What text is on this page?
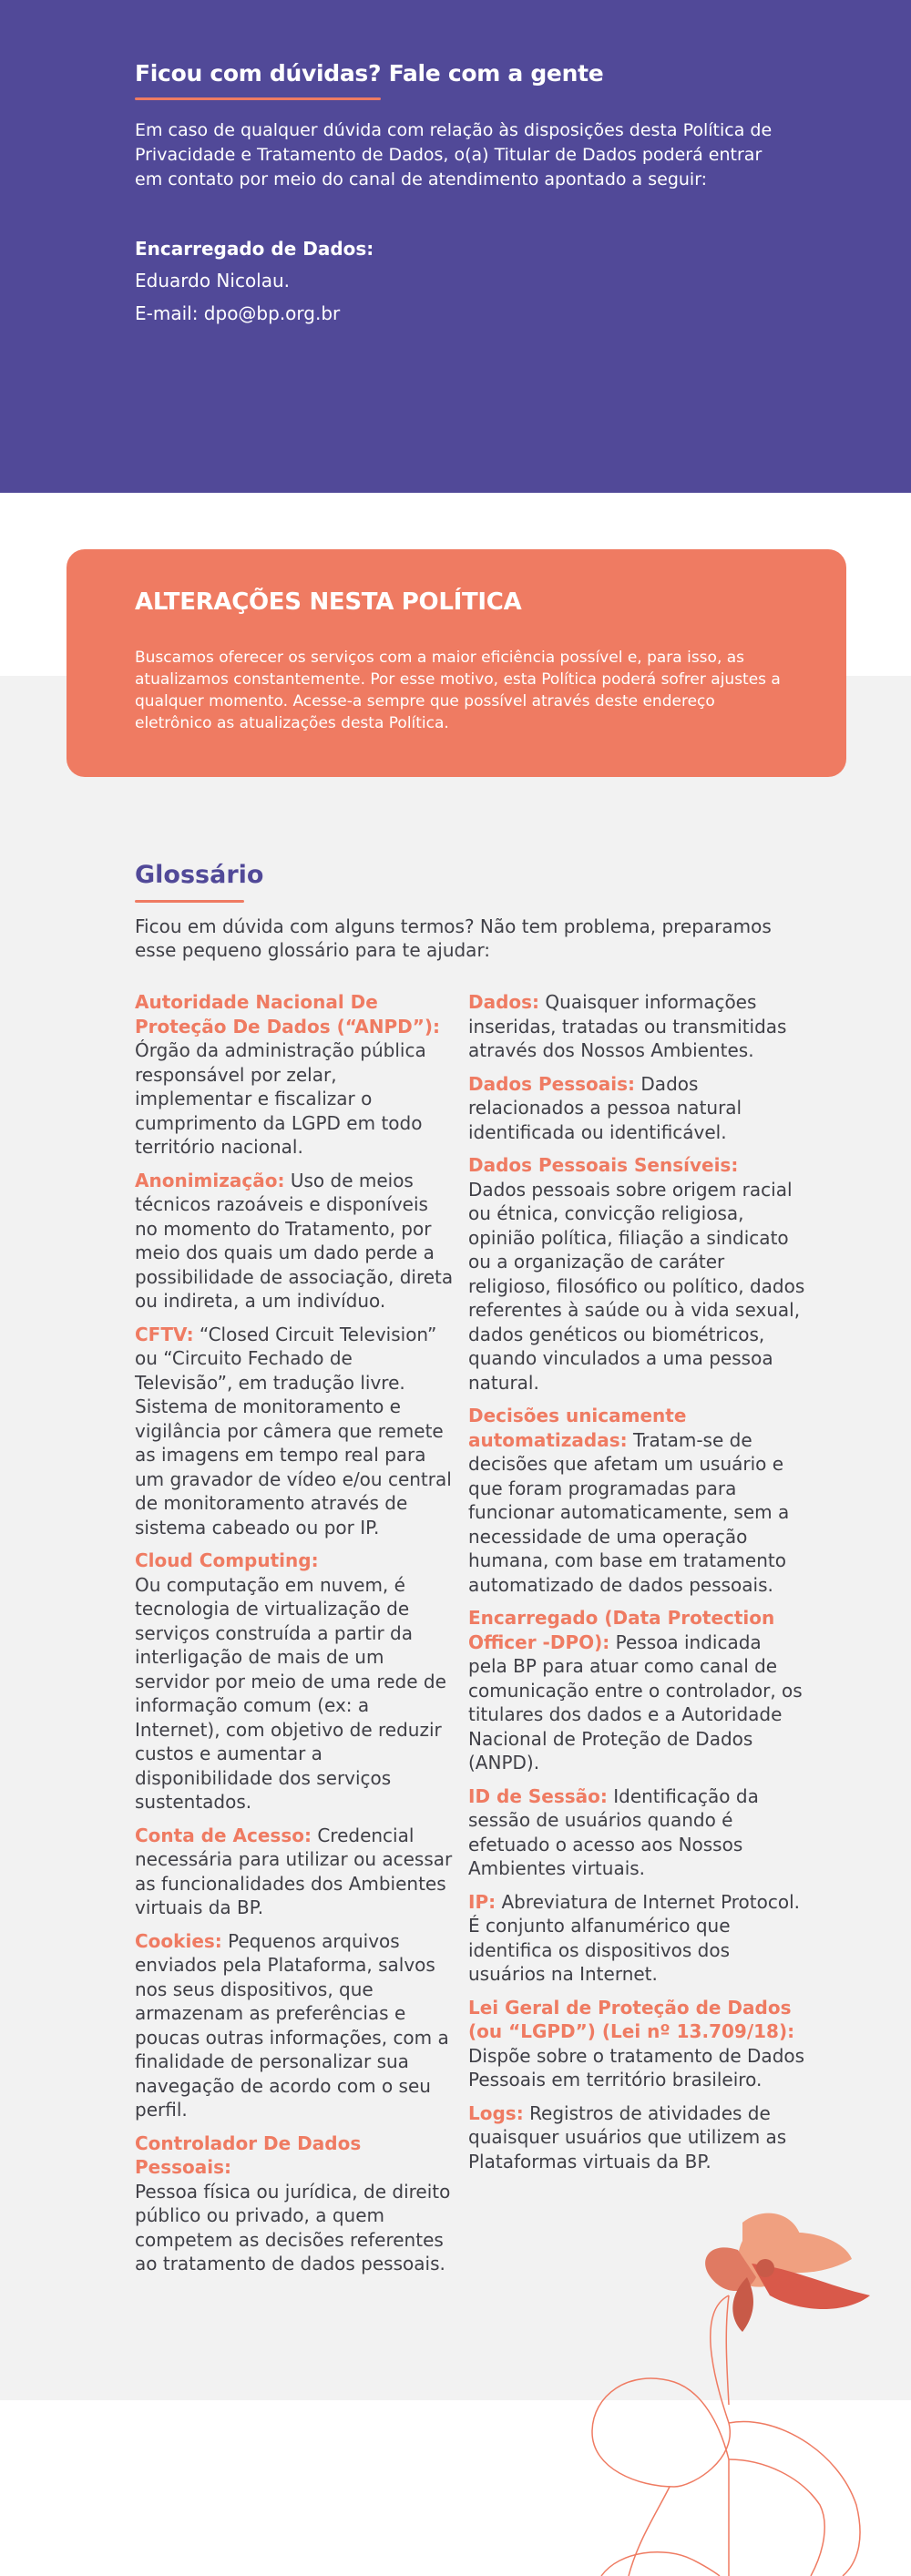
Ficou com dúvidas? Fale com a gente

Em caso de qualquer dúvida com relação às disposições desta Política de Privacidade e Tratamento de Dados, o(a) Titular de Dados poderá entrar em contato por meio do canal de atendimento apontado a seguir:

Encarregado de Dados:

Eduardo Nicolau.

E-mail: dpo@bp.org.br

ALTERAÇÕES NESTA POLÍTICA

Buscamos oferecer os serviços com a maior eficiência possível e, para isso, as atualizamos constantemente. Por esse motivo, esta Política poderá sofrer ajustes a qualquer momento. Acesse-a sempre que possível através deste endereço eletrônico as atualizações desta Política.

Glossário

Ficou em dúvida com alguns termos? Não tem problema, preparamos esse pequeno glossário para te ajudar:

Autoridade Nacional De Proteção De Dados (“ANPD”):
Órgão da administração pública responsável por zelar, implementar e fiscalizar o cumprimento da LGPD em todo território nacional.

Anonimização: Uso de meios técnicos razoáveis e disponíveis no momento do Tratamento, por meio dos quais um dado perde a possibilidade de associação, direta ou indireta, a um indivíduo.

CFTV: “Closed Circuit Television” ou “Circuito Fechado de Televisão”, em tradução livre. Sistema de monitoramento e vigilância por câmera que remete as imagens em tempo real para um gravador de vídeo e/ou central de monitoramento através de sistema cabeado ou por IP.

Cloud Computing:
Ou computação em nuvem, é tecnologia de virtualização de serviços construída a partir da interligação de mais de um servidor por meio de uma rede de informação comum (ex: a Internet), com objetivo de reduzir custos e aumentar a disponibilidade dos serviços sustentados.

Conta de Acesso: Credencial necessária para utilizar ou acessar as funcionalidades dos Ambientes virtuais da BP.

Cookies: Pequenos arquivos enviados pela Plataforma, salvos nos seus dispositivos, que armazenam as preferências e poucas outras informações, com a finalidade de personalizar sua navegação de acordo com o seu perfil.

Controlador De Dados Pessoais:
Pessoa física ou jurídica, de direito público ou privado, a quem competem as decisões referentes ao tratamento de dados pessoais.

Dados: Quaisquer informações inseridas, tratadas ou transmitidas através dos Nossos Ambientes.

Dados Pessoais: Dados relacionados a pessoa natural identificada ou identificável.

Dados Pessoais Sensíveis:
Dados pessoais sobre origem racial ou étnica, convicção religiosa, opinião política, filiação a sindicato ou a organização de caráter religioso, filosófico ou político, dados referentes à saúde ou à vida sexual, dados genéticos ou biométricos, quando vinculados a uma pessoa natural.

Decisões unicamente automatizadas: Tratam-se de decisões que afetam um usuário e que foram programadas para funcionar automaticamente, sem a necessidade de uma operação humana, com base em tratamento automatizado de dados pessoais.

Encarregado (Data Protection Officer -DPO): Pessoa indicada pela BP para atuar como canal de comunicação entre o controlador, os titulares dos dados e a Autoridade Nacional de Proteção de Dados (ANPD).

ID de Sessão: Identificação da sessão de usuários quando é efetuado o acesso aos Nossos Ambientes virtuais.

IP: Abreviatura de Internet Protocol. É conjunto alfanumérico que identifica os dispositivos dos usuários na Internet.

Lei Geral de Proteção de Dados (ou “LGPD”) (Lei nº 13.709/18):
Dispõe sobre o tratamento de Dados Pessoais em território brasileiro.

Logs: Registros de atividades de quaisquer usuários que utilizem as Plataformas virtuais da BP.
